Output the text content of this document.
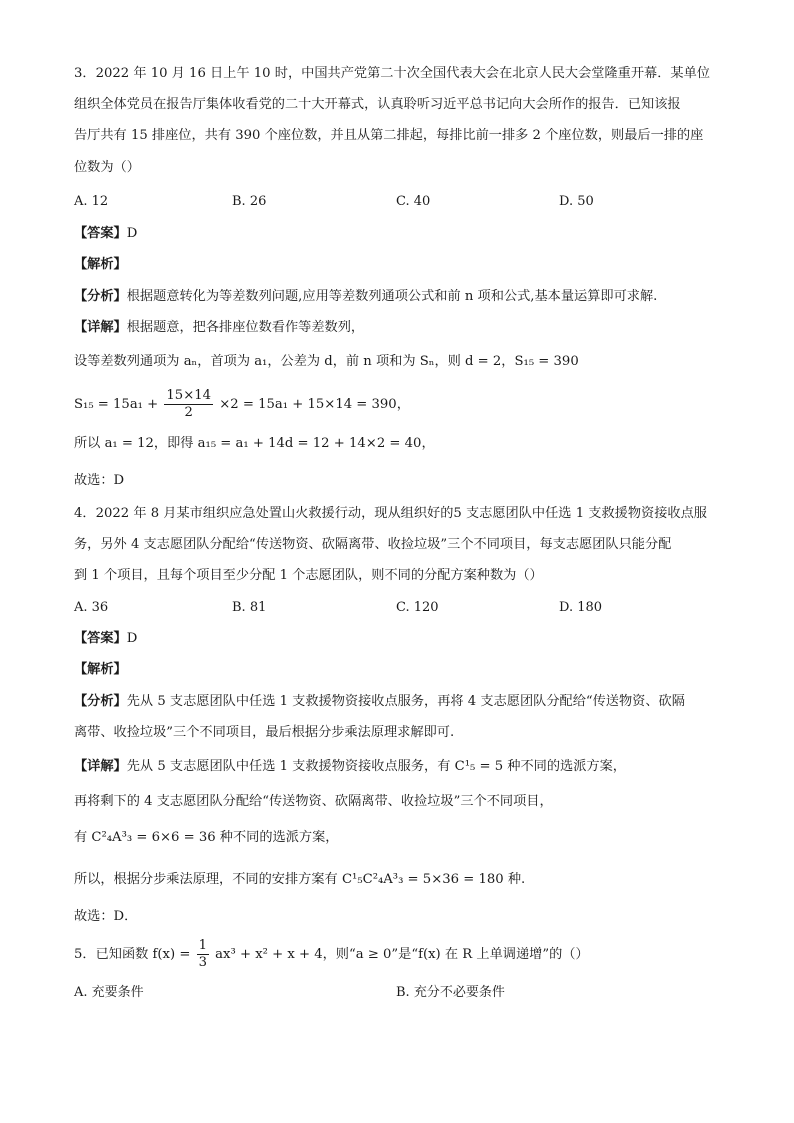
3．2022 年 10 月 16 日上午 10 时，中国共产党第二十次全国代表大会在北京人民大会堂隆重开幕．某单位
组织全体党员在报告厅集体收看党的二十大开幕式，认真聆听习近平总书记向大会所作的报告．已知该报
告厅共有 15 排座位，共有 390 个座位数，并且从第二排起，每排比前一排多 2 个座位数，则最后一排的座
位数为（）
A. 12	B. 26	C. 40	D. 50
【答案】D
【解析】
【分析】根据题意转化为等差数列问题,应用等差数列通项公式和前 n 项和公式,基本量运算即可求解.
【详解】根据题意，把各排座位数看作等差数列，
设等差数列通项为 aₙ，首项为 a₁，公差为 d，前 n 项和为 Sₙ，则 d = 2，S₁₅ = 390
$S_{15} = 15a_1 + \frac{15\times 14}{2} \times 2 = 15a_1 + 15\times 14 = 390$，
所以 a₁ = 12，即得 a₁₅ = a₁ + 14d = 12 + 14×2 = 40，
故选：D
4．2022 年 8 月某市组织应急处置山火救援行动，现从组织好的5 支志愿团队中任选 1 支救援物资接收点服
务，另外 4 支志愿团队分配给“传送物资、砍隔离带、收捡垃圾”三个不同项目，每支志愿团队只能分配
到 1 个项目，且每个项目至少分配 1 个志愿团队，则不同的分配方案种数为（）
A. 36	B. 81	C. 120	D. 180
【答案】D
【解析】
【分析】先从 5 支志愿团队中任选 1 支救援物资接收点服务，再将 4 支志愿团队分配给“传送物资、砍隔
离带、收捡垃圾”三个不同项目，最后根据分步乘法原理求解即可.
【详解】先从 5 支志愿团队中任选 1 支救援物资接收点服务，有 C¹₅ = 5 种不同的选派方案，
再将剩下的 4 支志愿团队分配给“传送物资、砍隔离带、收捡垃圾”三个不同项目，
有 C²₄A³₃ = 6×6 = 36 种不同的选派方案，
所以，根据分步乘法原理，不同的安排方案有 C¹₅C²₄A³₃ = 5×36 = 180 种.
故选：D．
5．已知函数 $f(x) = \frac{1}{3} ax^3 + x^2 + x + 4$，则“a ≥ 0”是“f(x) 在 R 上单调递增”的（）
A. 充要条件	B. 充分不必要条件
